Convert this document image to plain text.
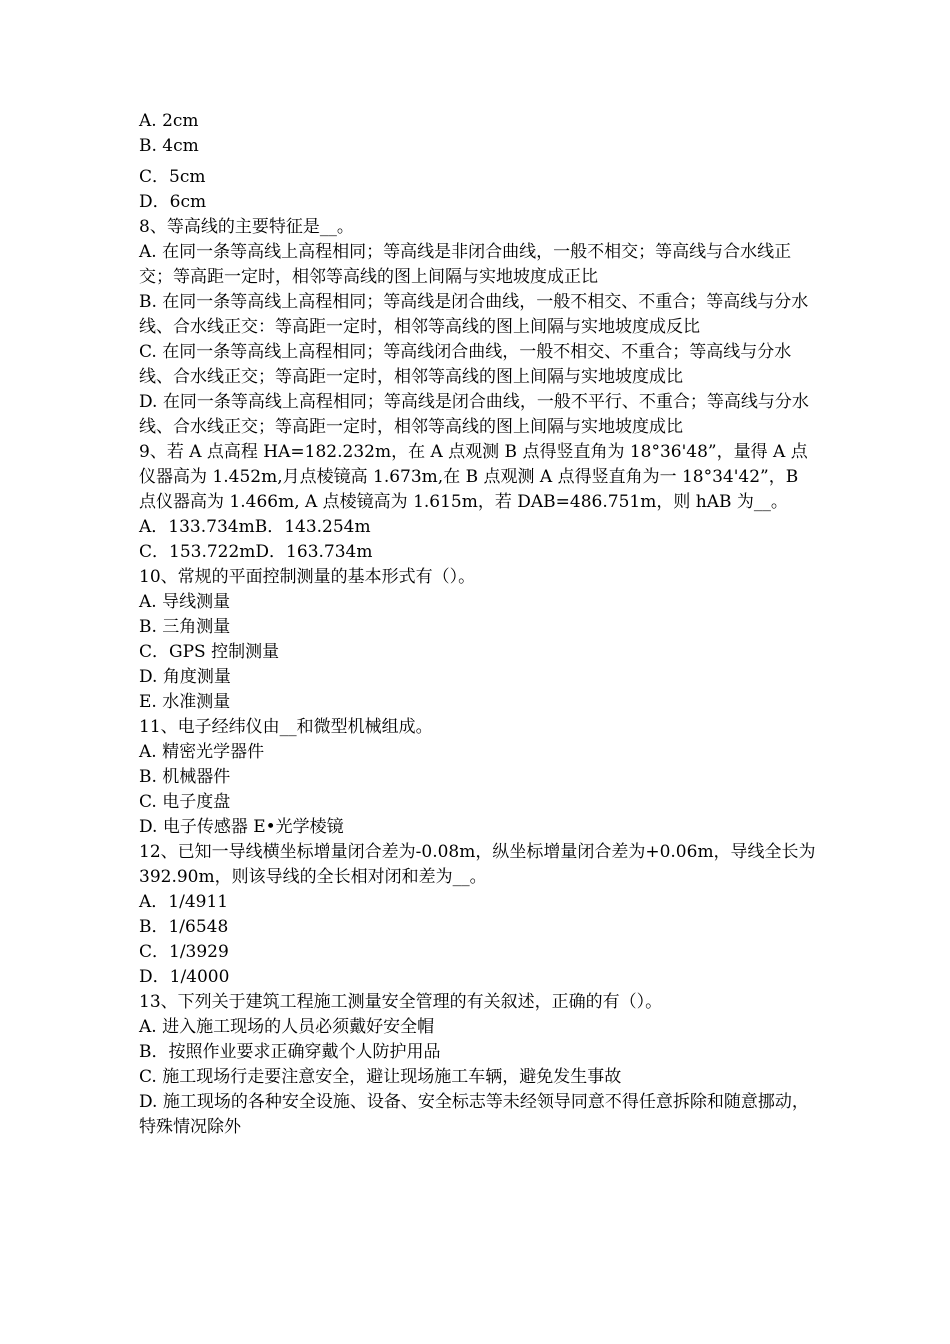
A. 2cm

B. 4cm

C．5cm

D．6cm

8、等高线的主要特征是__。

A. 在同一条等高线上高程相同；等高线是非闭合曲线，一般不相交；等高线与合水线正交；等高距一定时，相邻等高线的图上间隔与实地坡度成正比

B. 在同一条等高线上高程相同；等高线是闭合曲线，一般不相交、不重合；等高线与分水线、合水线正交：等高距一定时，相邻等高线的图上间隔与实地坡度成反比

C. 在同一条等高线上高程相同；等高线闭合曲线，一般不相交、不重合；等高线与分水线、合水线正交；等高距一定时，相邻等高线的图上间隔与实地坡度成比

D. 在同一条等高线上高程相同；等高线是闭合曲线，一般不平行、不重合；等高线与分水线、合水线正交；等高距一定时，相邻等高线的图上间隔与实地坡度成比

9、若 A 点高程 HA=182.232m，在 A 点观测 B 点得竖直角为 18°36'48”，量得 A 点仪器高为 1.452m,月点棱镜高 1.673m,在 B 点观测 A 点得竖直角为一 18°34'42”，B 点仪器高为 1.466m, A 点棱镜高为 1.615m，若 DAB=486.751m，则 hAB 为__。

A．133.734mB．143.254m

C．153.722mD．163.734m

10、常规的平面控制测量的基本形式有（）。

A. 导线测量

B. 三角测量

C．GPS 控制测量

D. 角度测量

E. 水准测量

11、电子经纬仪由__和微型机械组成。

A. 精密光学器件

B. 机械器件

C. 电子度盘

D. 电子传感器 E•光学棱镜

12、已知一导线横坐标增量闭合差为-0.08m，纵坐标增量闭合差为+0.06m，导线全长为 392.90m，则该导线的全长相对闭和差为__。

A．1/4911

B．1/6548

C．1/3929

D．1/4000

13、下列关于建筑工程施工测量安全管理的有关叙述，正确的有（）。

A. 进入施工现场的人员必须戴好安全帽

B．按照作业要求正确穿戴个人防护用品

C. 施工现场行走要注意安全，避让现场施工车辆，避免发生事故

D. 施工现场的各种安全设施、设备、安全标志等未经领导同意不得任意拆除和随意挪动，特殊情况除外
